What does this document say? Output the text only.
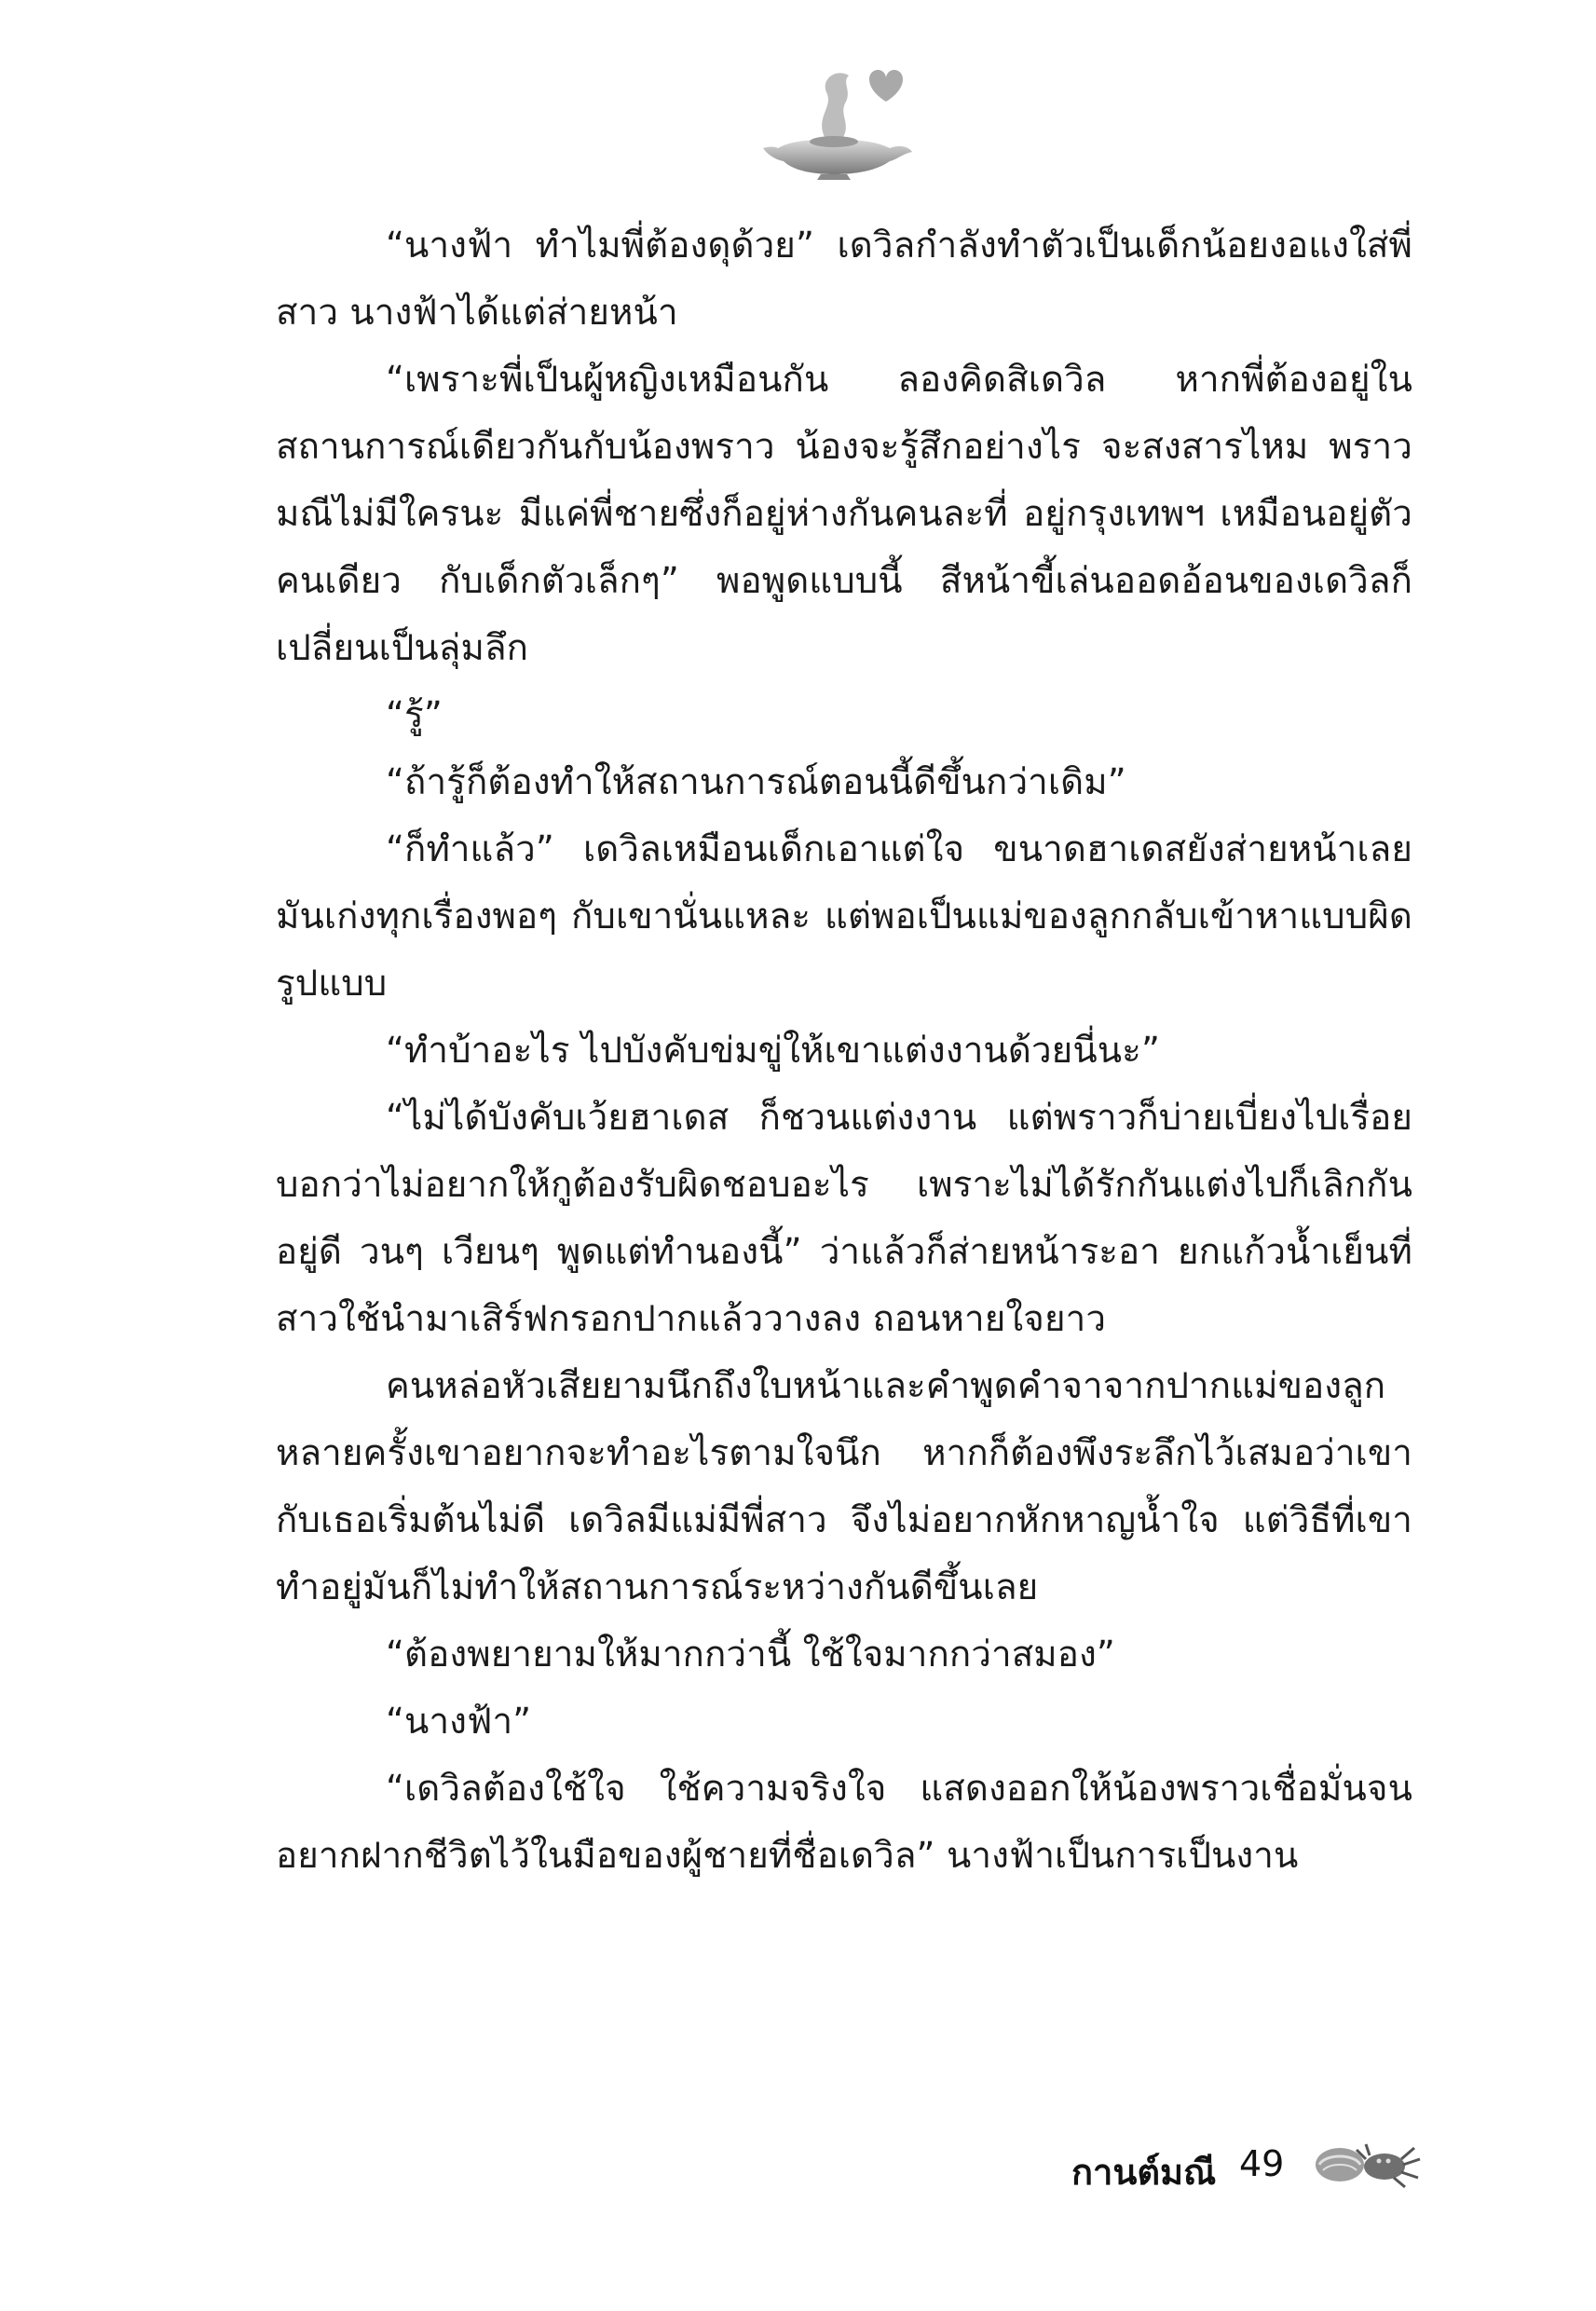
“นางฟ้า ทำไมพี่ต้องดุด้วย” เดวิลกำลังทำตัวเป็นเด็กน้อยงอแงใส่พี่สาว นางฟ้าได้แต่ส่ายหน้า

“เพราะพี่เป็นผู้หญิงเหมือนกัน ลองคิดสิเดวิล หากพี่ต้องอยู่ในสถานการณ์เดียวกันกับน้องพราว น้องจะรู้สึกอย่างไร จะสงสารไหม พราวมณีไม่มีใครนะ มีแค่พี่ชายซึ่งก็อยู่ห่างกันคนละที่ อยู่กรุงเทพฯ เหมือนอยู่ตัวคนเดียว กับเด็กตัวเล็กๆ” พอพูดแบบนี้ สีหน้าขี้เล่นออดอ้อนของเดวิลก็เปลี่ยนเป็นลุ่มลึก

“รู้”

“ถ้ารู้ก็ต้องทำให้สถานการณ์ตอนนี้ดีขึ้นกว่าเดิม”

“ก็ทำแล้ว” เดวิลเหมือนเด็กเอาแต่ใจ ขนาดฮาเดสยังส่ายหน้าเลย มันเก่งทุกเรื่องพอๆ กับเขานั่นแหละ แต่พอเป็นแม่ของลูกกลับเข้าหาแบบผิดรูปแบบ

“ทำบ้าอะไร ไปบังคับข่มขู่ให้เขาแต่งงานด้วยนี่นะ”

“ไม่ได้บังคับเว้ยฮาเดส ก็ชวนแต่งงาน แต่พราวก็บ่ายเบี่ยงไปเรื่อย บอกว่าไม่อยากให้กูต้องรับผิดชอบอะไร เพราะไม่ได้รักกันแต่งไปก็เลิกกันอยู่ดี วนๆ เวียนๆ พูดแต่ทำนองนี้” ว่าแล้วก็ส่ายหน้าระอา ยกแก้วน้ำเย็นที่สาวใช้นำมาเสิร์ฟกรอกปากแล้ววางลง ถอนหายใจยาว

คนหล่อหัวเสียยามนึกถึงใบหน้าและคำพูดคำจาจากปากแม่ของลูก หลายครั้งเขาอยากจะทำอะไรตามใจนึก หากก็ต้องพึงระลึกไว้เสมอว่าเขากับเธอเริ่มต้นไม่ดี เดวิลมีแม่มีพี่สาว จึงไม่อยากหักหาญน้ำใจ แต่วิธีที่เขาทำอยู่มันก็ไม่ทำให้สถานการณ์ระหว่างกันดีขึ้นเลย

“ต้องพยายามให้มากกว่านี้ ใช้ใจมากกว่าสมอง”

“นางฟ้า”

“เดวิลต้องใช้ใจ ใช้ความจริงใจ แสดงออกให้น้องพราวเชื่อมั่นจนอยากฝากชีวิตไว้ในมือของผู้ชายที่ชื่อเดวิล” นางฟ้าเป็นการเป็นงาน

กานต์มณี 49
